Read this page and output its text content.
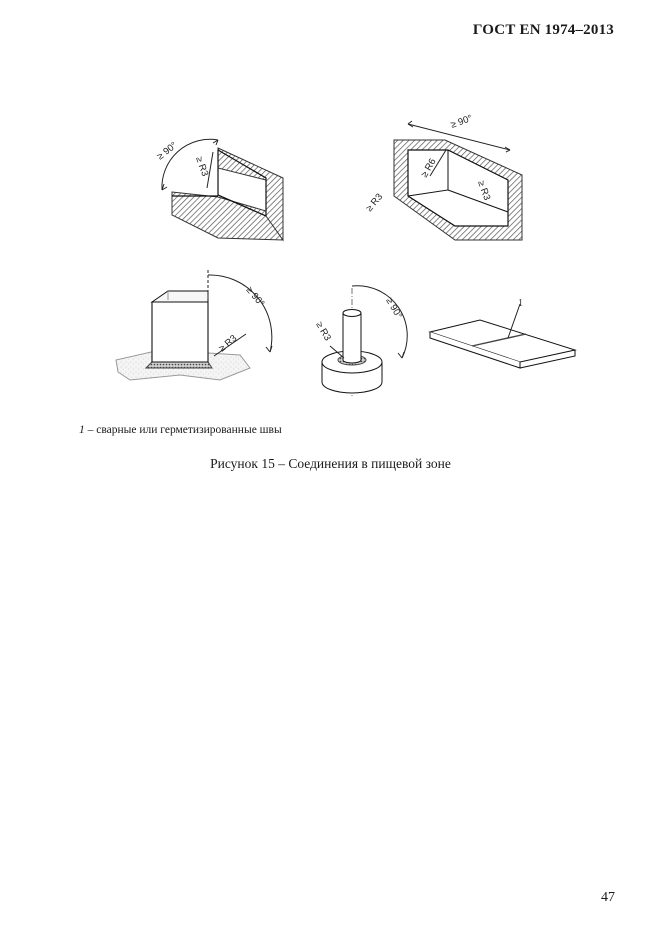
ГОСТ EN 1974–2013
≥ 90°
≥ R3
≥ 90°
≥ R6
≥ R3
≥ R3
≥ 90°
≥ R3
≥ 90°
≥ R3
1
1 – сварные или герметизированные швы
Рисунок 15 – Соединения в пищевой зоне
47
